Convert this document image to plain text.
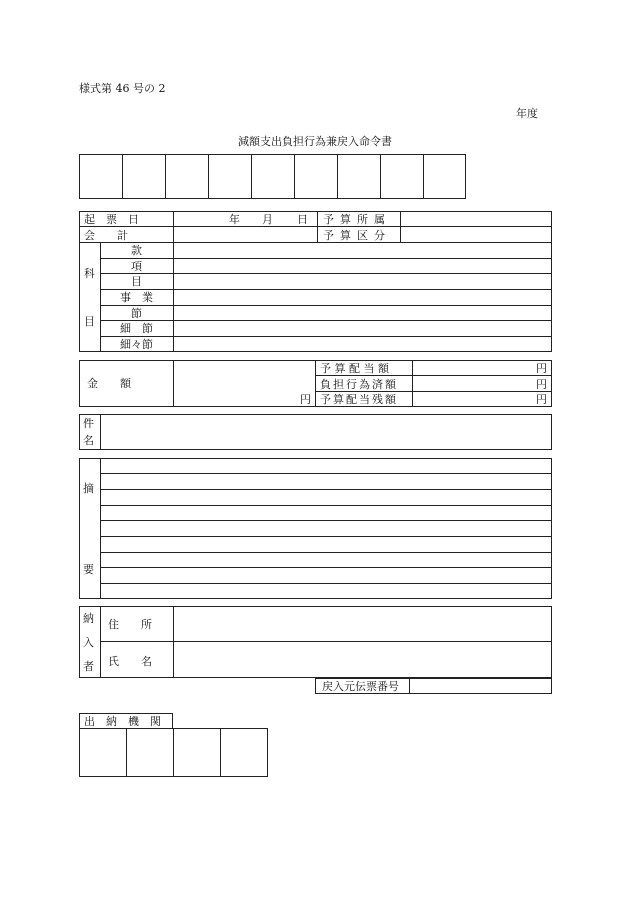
様式第 46 号の 2
年度
減額支出負担行為兼戻入命令書
起　票　日	年 月 日 予算所属
会　　計	予算区分
科
目
款
項
目
事　業
節
細　節
細々節
金　　額
円
予算配当額
負担行為済額
予算配当残額
円
円
円
件
名
摘
要
納
入
者
住　　所
氏　　名
戻入元伝票番号
出　納　機　関
